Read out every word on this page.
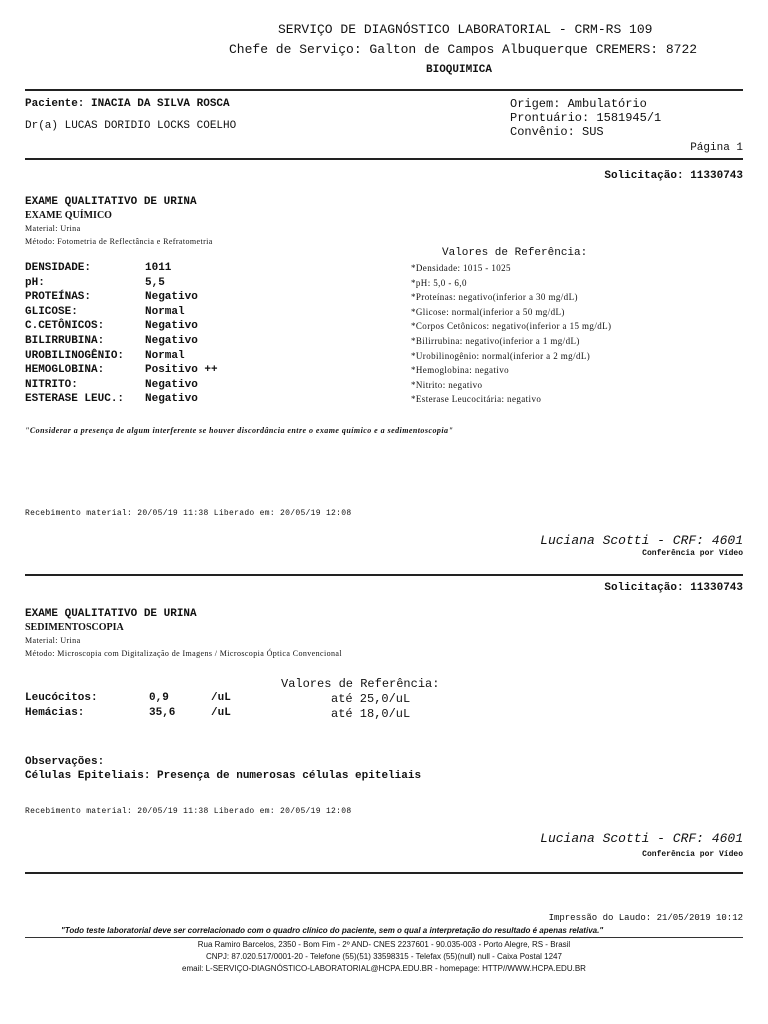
SERVIÇO DE DIAGNÓSTICO LABORATORIAL - CRM-RS 109
Chefe de Serviço: Galton de Campos Albuquerque CREMERS: 8722
BIOQUIMICA
Paciente: INACIA DA SILVA ROSCA
Dr(a) LUCAS DORIDIO LOCKS COELHO
Origem: Ambulatório
Prontuário: 1581945/1
Convênio: SUS
Página 1
Solicitação: 11330743
EXAME QUALITATIVO DE URINA
EXAME QUÍMICO
Material: Urina
Método: Fotometria de Reflectância e Refratometria
Valores de Referência:
DENSIDADE:	1011	*Densidade: 1015 - 1025
pH:	5,5	*pH: 5,0 - 6,0
PROTEÍNAS:	Negativo	*Proteínas: negativo(inferior a 30 mg/dL)
GLICOSE:	Normal	*Glicose: normal(inferior a 50 mg/dL)
C.CETÔNICOS:	Negativo	*Corpos Cetônicos: negativo(inferior a 15 mg/dL)
BILIRRUBINA:	Negativo	*Bilirrubina: negativo(inferior a 1 mg/dL)
UROBILINOGÊNIO: Normal	*Urobilinogênio: normal(inferior a 2 mg/dL)
HEMOGLOBINA:	Positivo ++	*Hemoglobina: negativo
NITRITO:	Negativo	*Nitrito: negativo
ESTERASE LEUC.: Negativo	*Esterase Leucocitária: negativo
"Considerar a presença de algum interferente se houver discordância entre o exame químico e a sedimentoscopia"
Recebimento material: 20/05/19 11:38 Liberado em: 20/05/19 12:08
Luciana Scotti - CRF: 4601
Conferência por Vídeo
Solicitação: 11330743
EXAME QUALITATIVO DE URINA
SEDIMENTOSCOPIA
Material: Urina
Método: Microscopia com Digitalização de Imagens / Microscopia Óptica Convencional
Valores de Referência:
Leucócitos:	0,9	/uL	até 25,0/uL
Hemácias:	35,6	/uL	até 18,0/uL
Observações:
Células Epiteliais: Presença de numerosas células epiteliais
Recebimento material: 20/05/19 11:38 Liberado em: 20/05/19 12:08
Luciana Scotti - CRF: 4601
Conferência por Vídeo
Impressão do Laudo: 21/05/2019 10:12
"Todo teste laboratorial deve ser correlacionado com o quadro clínico do paciente, sem o qual a interpretação do resultado é apenas relativa."
Rua Ramiro Barcelos, 2350 - Bom Fim - 2º AND- CNES 2237601 - 90.035-003 - Porto Alegre, RS - Brasil
CNPJ: 87.020.517/0001-20 - Telefone (55)(51) 33598315 - Telefax (55)(null) null - Caixa Postal 1247
email: L-SERVIÇO-DIAGNÓSTICO-LABORATORIAL@HCPA.EDU.BR - homepage: HTTP//WWW.HCPA.EDU.BR
